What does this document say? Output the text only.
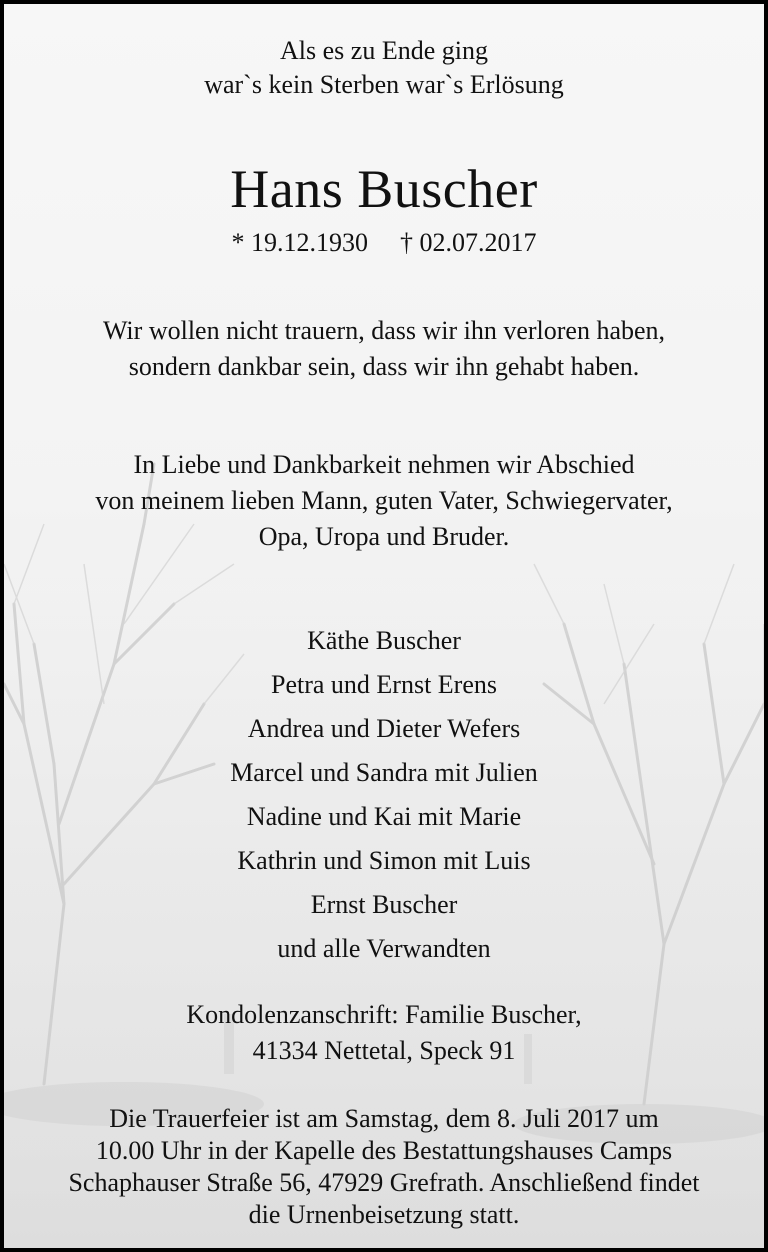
Als es zu Ende ging
war`s kein Sterben war`s Erlösung
Hans Buscher
* 19.12.1930 † 02.07.2017
Wir wollen nicht trauern, dass wir ihn verloren haben,
sondern dankbar sein, dass wir ihn gehabt haben.
In Liebe und Dankbarkeit nehmen wir Abschied
von meinem lieben Mann, guten Vater, Schwiegervater,
Opa, Uropa und Bruder.
Käthe Buscher
Petra und Ernst Erens
Andrea und Dieter Wefers
Marcel und Sandra mit Julien
Nadine und Kai mit Marie
Kathrin und Simon mit Luis
Ernst Buscher
und alle Verwandten
Kondolenzanschrift: Familie Buscher,
41334 Nettetal, Speck 91
Die Trauerfeier ist am Samstag, dem 8. Juli 2017 um
10.00 Uhr in der Kapelle des Bestattungshauses Camps
Schaphauser Straße 56, 47929 Grefrath. Anschließend findet
die Urnenbeisetzung statt.
